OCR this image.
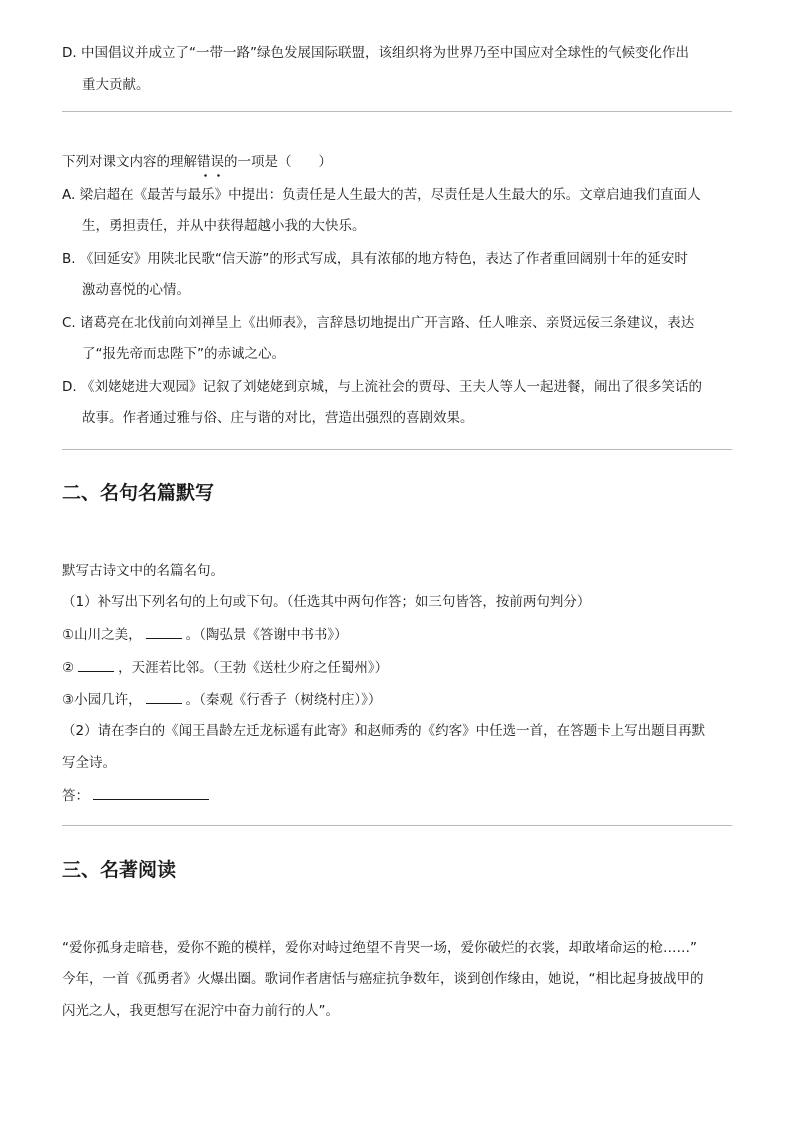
D. 中国倡议并成立了“一带一路”绿色发展国际联盟，该组织将为世界乃至中国应对全球性的气候变化作出
重大贡献。
下列对课文内容的理解错误的一项是（　　）
A. 梁启超在《最苦与最乐》中提出：负责任是人生最大的苦，尽责任是人生最大的乐。文章启迪我们直面人
生，勇担责任，并从中获得超越小我的大快乐。
B. 《回延安》用陕北民歌“信天游”的形式写成，具有浓郁的地方特色，表达了作者重回阔别十年的延安时
激动喜悦的心情。
C. 诸葛亮在北伐前向刘禅呈上《出师表》，言辞恳切地提出广开言路、任人唯亲、亲贤远佞三条建议，表达
了“报先帝而忠陛下”的赤诚之心。
D. 《刘姥姥进大观园》记叙了刘姥姥到京城，与上流社会的贾母、王夫人等人一起进餐，闹出了很多笑话的
故事。作者通过雅与俗、庄与谐的对比，营造出强烈的喜剧效果。
二、名句名篇默写
默写古诗文中的名篇名句。
（1）补写出下列名句的上句或下句。（任选其中两句作答；如三句皆答，按前两句判分）
①山川之美，	。（陶弘景《答谢中书书》）
②	，天涯若比邻。（王勃《送杜少府之任蜀州》）
③小园几许，	。（秦观《行香子（树绕村庄）》）
（2）请在李白的《闻王昌龄左迁龙标遥有此寄》和赵师秀的《约客》中任选一首，在答题卡上写出题目再默
写全诗。
答：
三、名著阅读
“爱你孤身走暗巷，爱你不跪的模样，爱你对峙过绝望不肯哭一场，爱你破烂的衣裳，却敢堵命运的枪……”
今年，一首《孤勇者》火爆出圈。歌词作者唐恬与癌症抗争数年，谈到创作缘由，她说，“相比起身披战甲的
闪光之人，我更想写在泥泞中奋力前行的人”。
